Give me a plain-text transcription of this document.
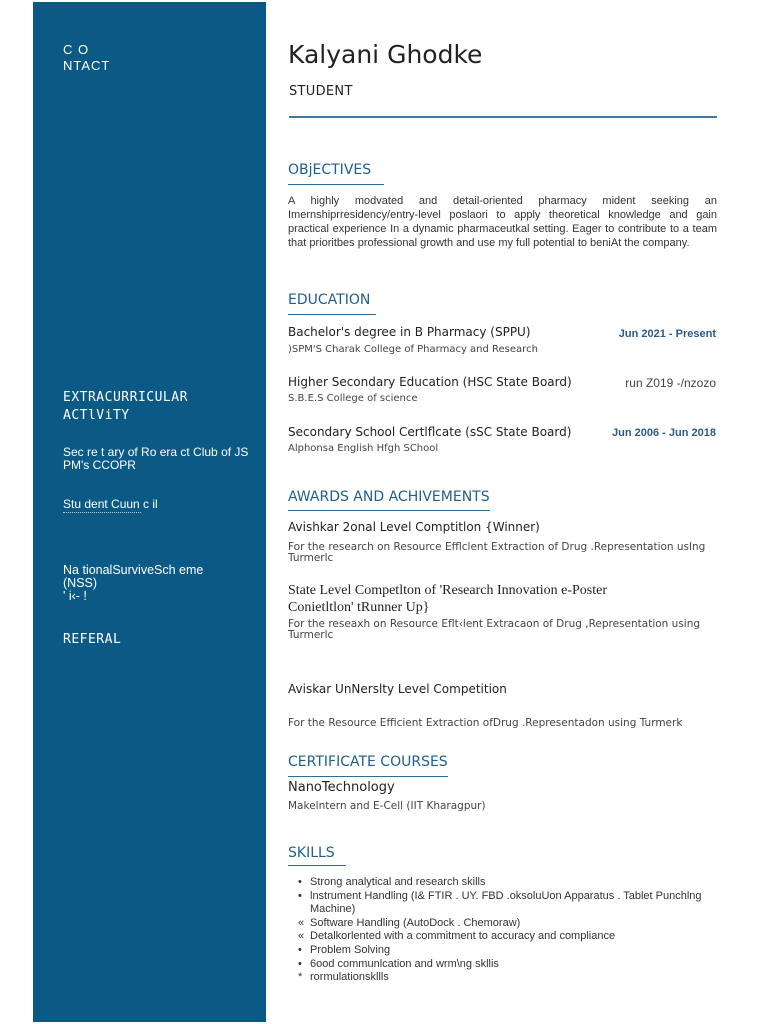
C O
NTACT
EXTRACURRICULAR
ACTlViTY
Sec re t ary of Ro era ct Club of JS PM's CCOPR
Stu dent Cuun c il
Na tionalSurviveSch eme
(NSS)
' i‹- !
REFERAL
Kalyani Ghodke
STUDENT
OBjECTIVES
A highly modvated and detail-oriented pharmacy mident seeking an Imernshiprresidency/entry-level poslaori to apply theoretical knowledge and gain practical experience In a dynamic pharmaceutkal setting. Eager to contribute to a team that prioritbes professional growth and use my full potential to beniAt the company.
EDUCATION
Bachelor's degree in B Pharmacy (SPPU)
)SPM'S Charak College of Pharmacy and Research
Jun 2021 - Present
Higher Secondary Education (HSC State Board)
S.B.E.S College of science
run Z019 -/nzozo
Secondary School Certlflcate (sSC State Board)
Alphonsa English Hfgh SChool
Jun 2006 - Jun 2018
AWARDS AND ACHIVEMENTS
Avishkar 2onal Level Comptitlon {Winner)
For the research on Resource Efflclent Extraction of Drug .Representation uslng Turmerlc
State Level Competlton of 'Research Innovation e-Poster Conietltlon' tRunner Up}
For the reseaxh on Resource Eflt‹lent Extracaon of Drug ,Representation using Turmerlc
Aviskar UnNerslty Level Competition
For the Resource Efficient Extraction ofDrug .Representadon using Turmerk
CERTIFICATE COURSES
NanoTechnology
Makelntern and E-Cell (IIT Kharagpur)
SKILLS
• Strong analytical and research skills
• lnstrument Handling (I& FTIR . UY. FBD .oksoluUon Apparatus . Tablet Punchlng Machine)
« Software Handling (AutoDock . Chemoraw)
« Detalkorlented with a commitment to accuracy and compliance
• Problem Solving
• 6ood communlcation and wrm\ng skllis
* rormulationskllls
